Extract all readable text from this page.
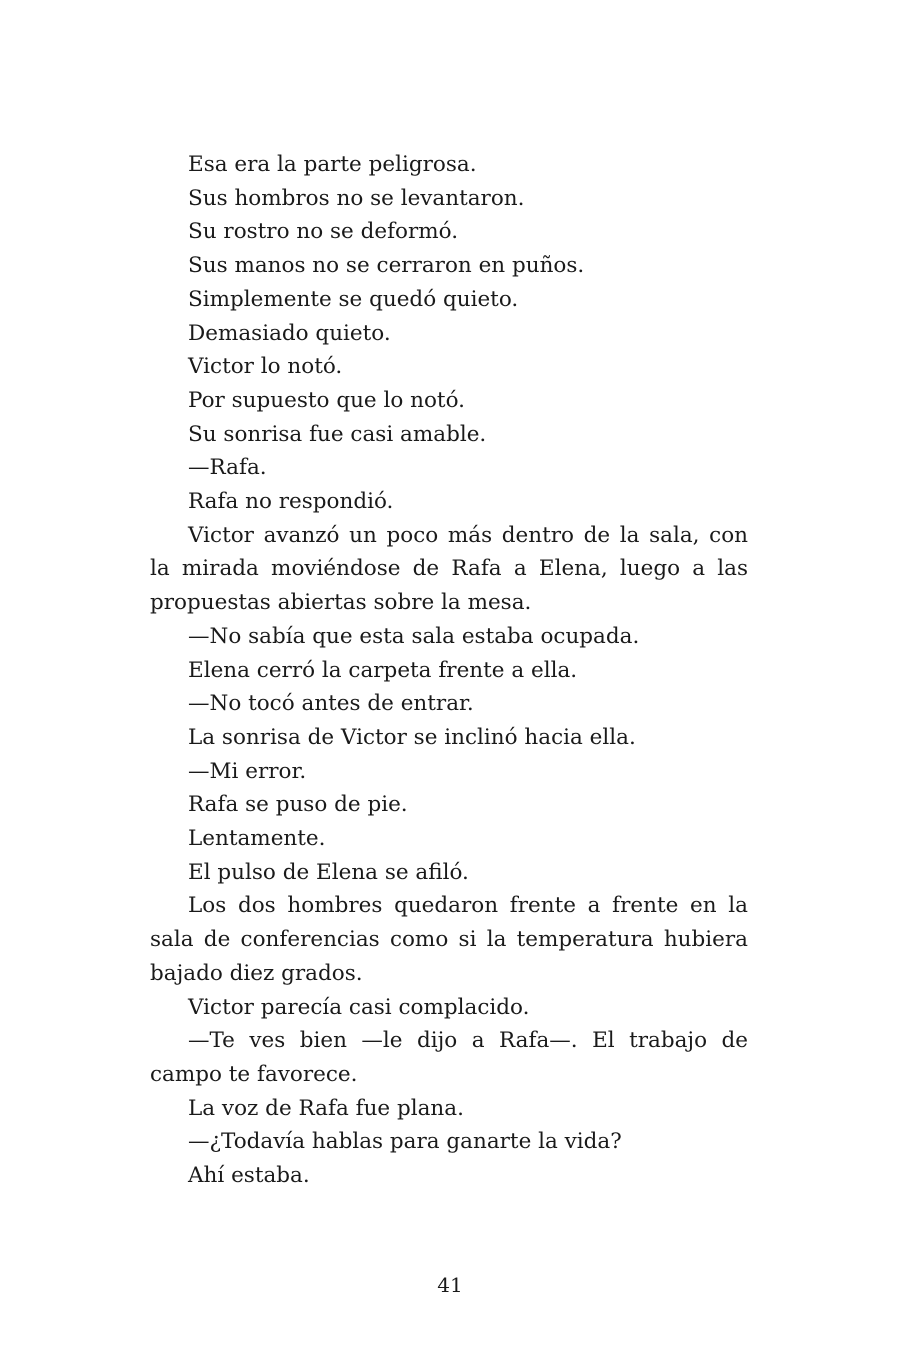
Esa era la parte peligrosa.

Sus hombros no se levantaron.

Su rostro no se deformó.

Sus manos no se cerraron en puños.

Simplemente se quedó quieto.

Demasiado quieto.

Victor lo notó.

Por supuesto que lo notó.

Su sonrisa fue casi amable.

—Rafa.

Rafa no respondió.

Victor avanzó un poco más dentro de la sala, con la mirada moviéndose de Rafa a Elena, luego a las propuestas abiertas sobre la mesa.

—No sabía que esta sala estaba ocupada.

Elena cerró la carpeta frente a ella.

—No tocó antes de entrar.

La sonrisa de Victor se inclinó hacia ella.

—Mi error.

Rafa se puso de pie.

Lentamente.

El pulso de Elena se afiló.

Los dos hombres quedaron frente a frente en la sala de conferencias como si la temperatura hubiera bajado diez grados.

Victor parecía casi complacido.

—Te ves bien —le dijo a Rafa—. El trabajo de campo te favorece.

La voz de Rafa fue plana.

—¿Todavía hablas para ganarte la vida?

Ahí estaba.

41
